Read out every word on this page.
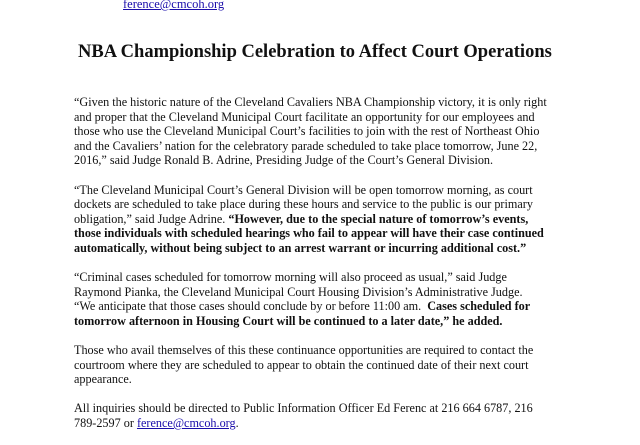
ference@cmcoh.org
NBA Championship Celebration to Affect Court Operations

“Given the historic nature of the Cleveland Cavaliers NBA Championship victory, it is only right
and proper that the Cleveland Municipal Court facilitate an opportunity for our employees and
those who use the Cleveland Municipal Court’s facilities to join with the rest of Northeast Ohio
and the Cavaliers’ nation for the celebratory parade scheduled to take place tomorrow, June 22,
2016,” said Judge Ronald B. Adrine, Presiding Judge of the Court’s General Division.

“The Cleveland Municipal Court’s General Division will be open tomorrow morning, as court
dockets are scheduled to take place during these hours and service to the public is our primary
obligation,” said Judge Adrine. “However, due to the special nature of tomorrow’s events,
those individuals with scheduled hearings who fail to appear will have their case continued
automatically, without being subject to an arrest warrant or incurring additional cost.”

“Criminal cases scheduled for tomorrow morning will also proceed as usual,” said Judge
Raymond Pianka, the Cleveland Municipal Court Housing Division’s Administrative Judge.
“We anticipate that those cases should conclude by or before 11:00 am.  Cases scheduled for
tomorrow afternoon in Housing Court will be continued to a later date,” he added.

Those who avail themselves of this these continuance opportunities are required to contact the
courtroom where they are scheduled to appear to obtain the continued date of their next court
appearance.

All inquiries should be directed to Public Information Officer Ed Ferenc at 216 664 6787, 216
789-2597 or ference@cmcoh.org.
